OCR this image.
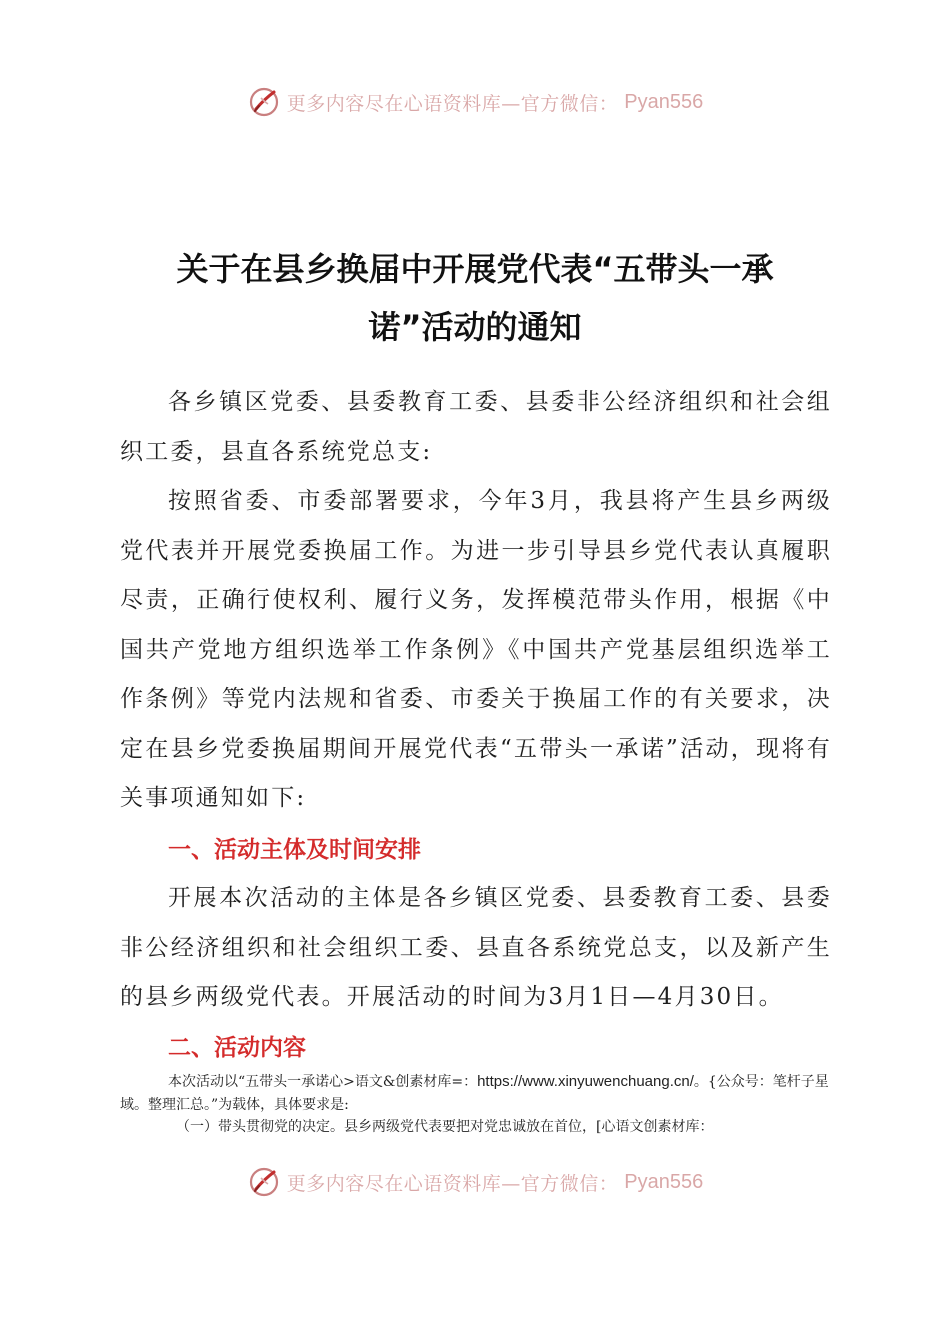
更多内容尽在心语资料库—官方微信： Pyan556
关于在县乡换届中开展党代表“五带头一承
诺”活动的通知

各乡镇区党委、县委教育工委、县委非公经济组织和社会组织工委，县直各系统党总支:

按照省委、市委部署要求，今年3月，我县将产生县乡两级党代表并开展党委换届工作。为进一步引导县乡党代表认真履职尽责，正确行使权利、履行义务，发挥模范带头作用，根据《中国共产党地方组织选举工作条例》《中国共产党基层组织选举工作条例》等党内法规和省委、市委关于换届工作的有关要求，决定在县乡党委换届期间开展党代表“五带头一承诺”活动，现将有关事项通知如下:

一、活动主体及时间安排

开展本次活动的主体是各乡镇区党委、县委教育工委、县委非公经济组织和社会组织工委、县直各系统党总支，以及新产生的县乡两级党代表。开展活动的时间为3月1日—4月30日。

二、活动内容

本次活动以“五带头一承诺心>语文&创素材库=：https://www.xinyuwenchuang.cn/。{公众号：笔杆子星域。整理汇总。”为载体，具体要求是:

（一）带头贯彻党的决定。县乡两级党代表要把对党忠诚放在首位，[心语文创素材库：

更多内容尽在心语资料库—官方微信： Pyan556
